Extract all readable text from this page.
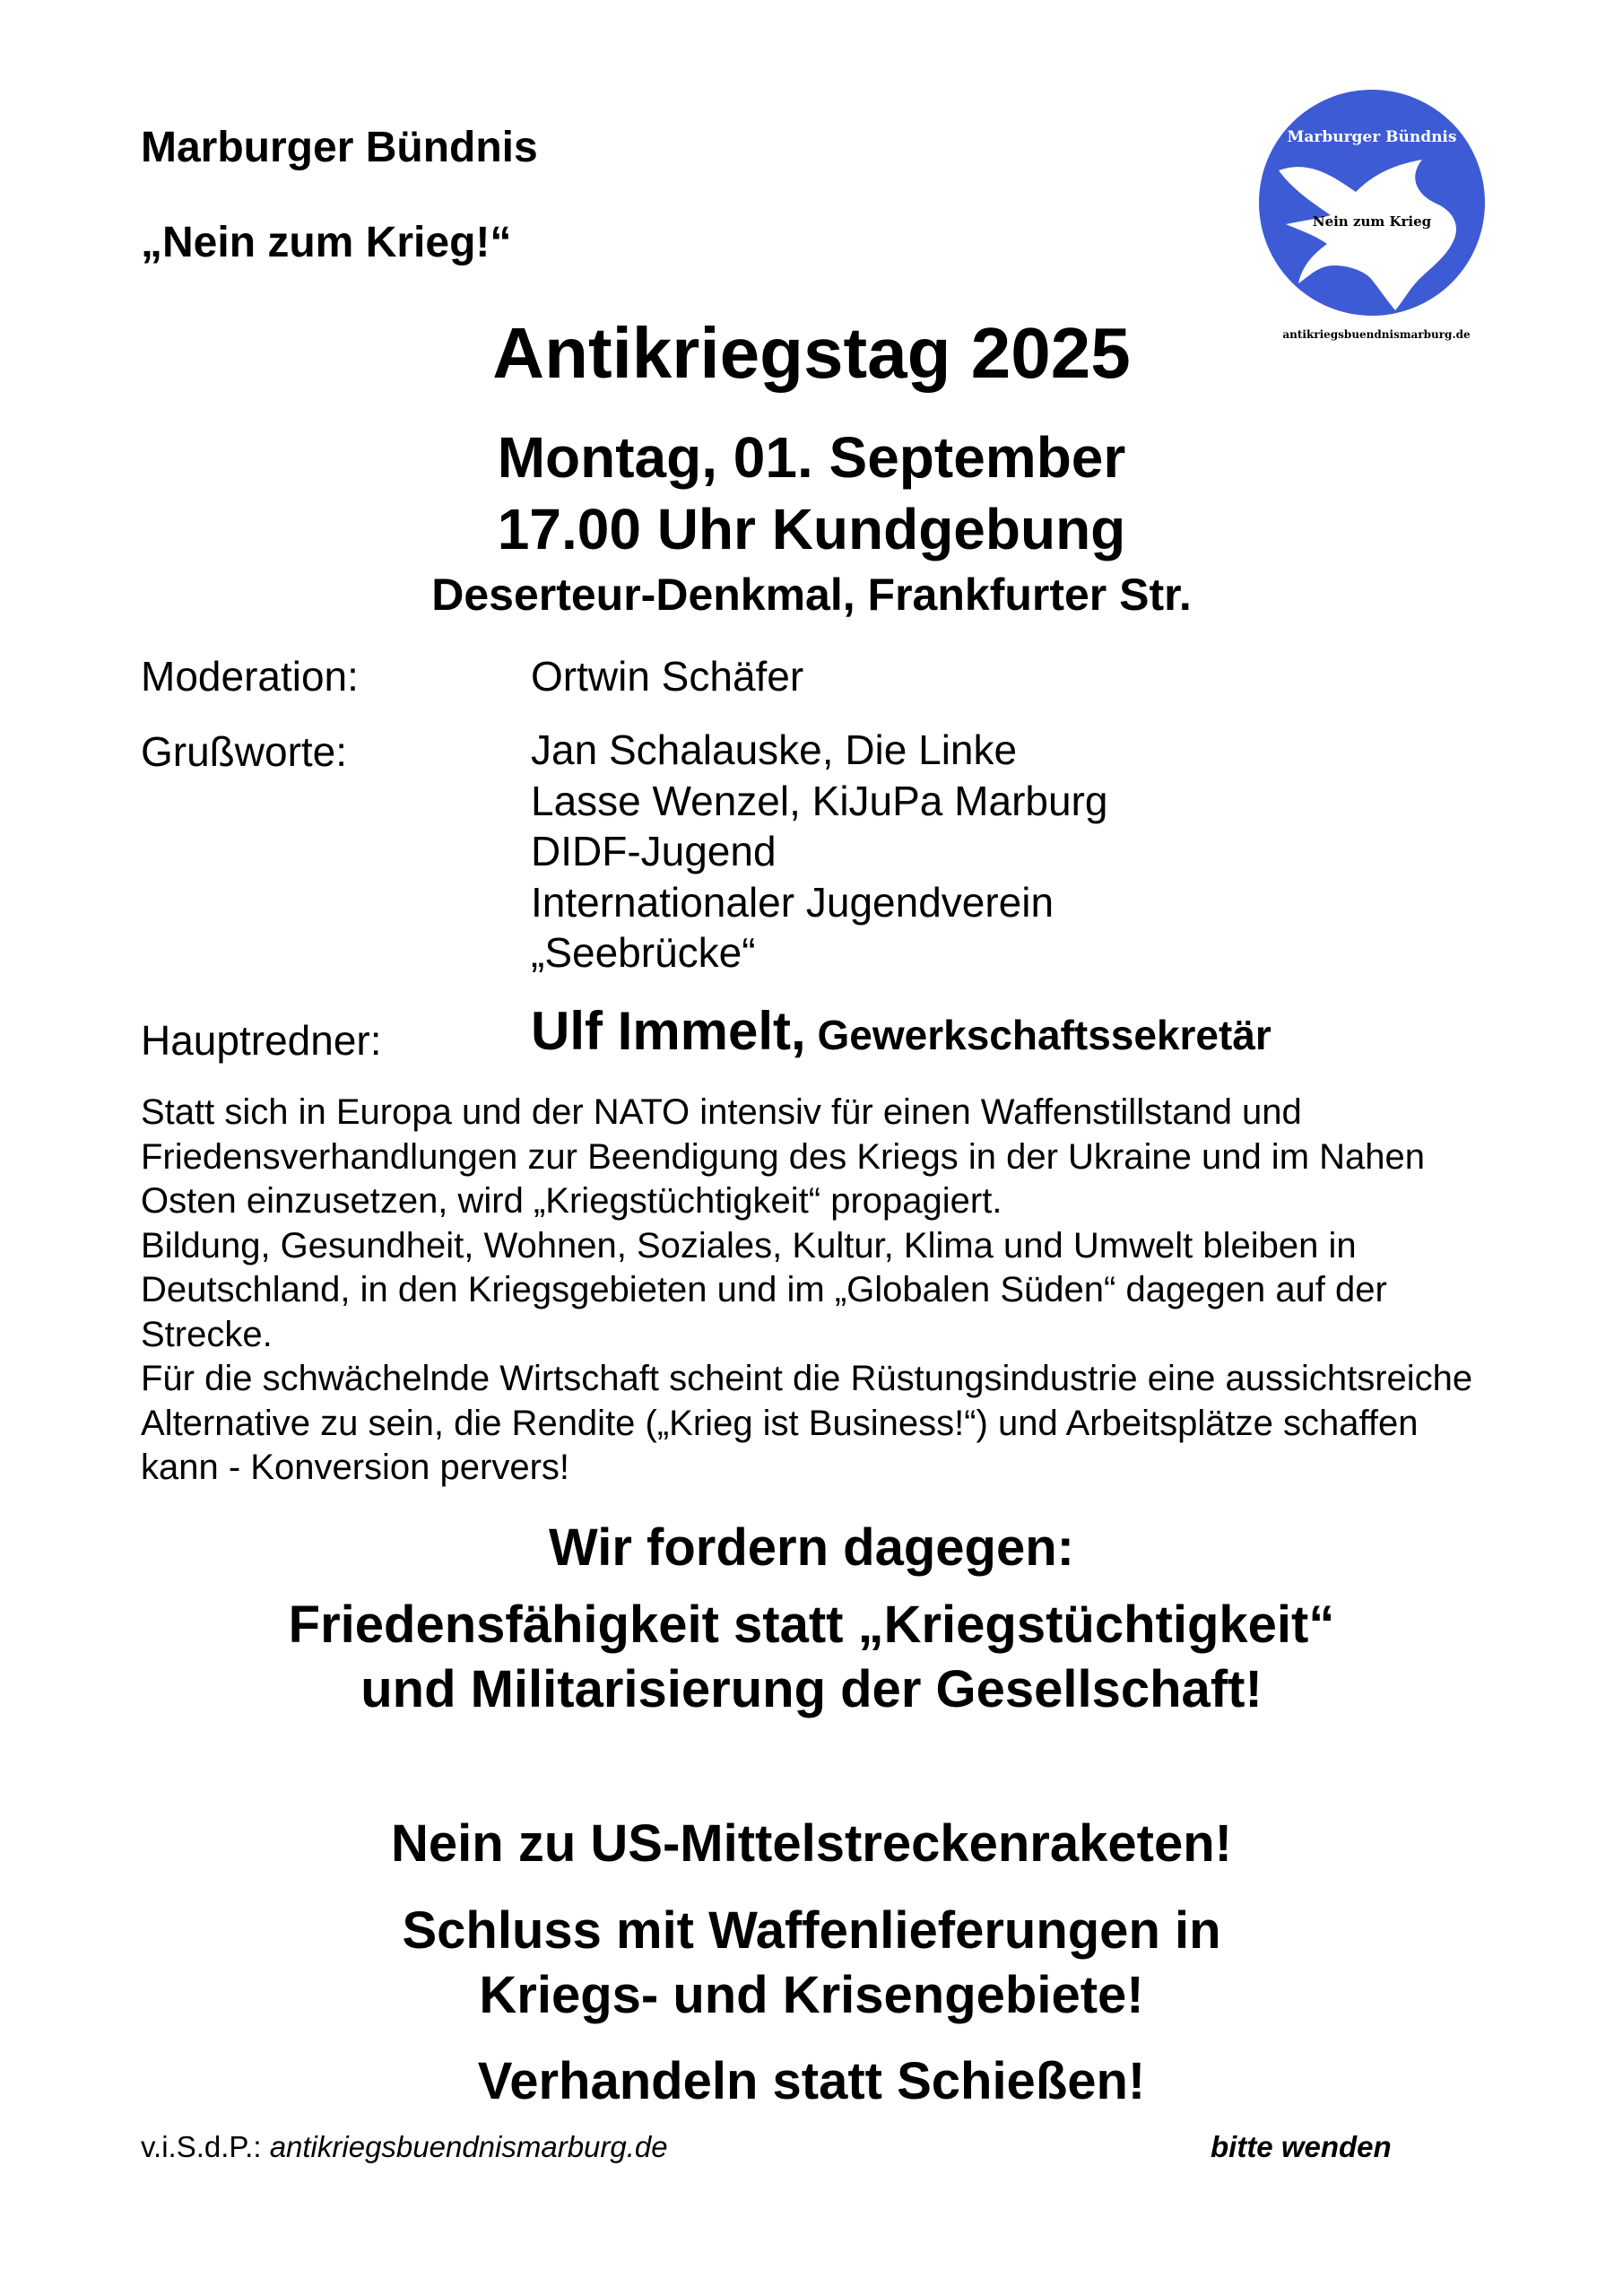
Marburger Bündnis
„Nein zum Krieg!“
Marburger Bündnis
Nein zum Krieg
antikriegsbuendnismarburg.de
Antikriegstag 2025
Montag, 01. September
17.00 Uhr Kundgebung
Deserteur-Denkmal, Frankfurter Str.
Moderation:	Ortwin Schäfer
Grußworte:	Jan Schalauske, Die Linke
Lasse Wenzel, KiJuPa Marburg
DIDF-Jugend
Internationaler Jugendverein
„Seebrücke“
Hauptredner:	Ulf Immelt, Gewerkschaftssekretär

Statt sich in Europa und der NATO intensiv für einen Waffenstillstand und Friedensverhandlungen zur Beendigung des Kriegs in der Ukraine und im Nahen Osten einzusetzen, wird „Kriegstüchtigkeit“ propagiert.

Bildung, Gesundheit, Wohnen, Soziales, Kultur, Klima und Umwelt bleiben in Deutschland, in den Kriegsgebieten und im „Globalen Süden“ dagegen auf der Strecke.

Für die schwächelnde Wirtschaft scheint die Rüstungsindustrie eine aussichtsreiche Alternative zu sein, die Rendite („Krieg ist Business!“) und Arbeitsplätze schaffen kann - Konversion pervers!

Wir fordern dagegen:
Friedensfähigkeit statt „Kriegstüchtigkeit“ und Militarisierung der Gesellschaft!
Nein zu US-Mittelstreckenraketen!
Schluss mit Waffenlieferungen in Kriegs- und Krisengebiete!
Verhandeln statt Schießen!
v.i.S.d.P.: antikriegsbuendnismarburg.de	bitte wenden
